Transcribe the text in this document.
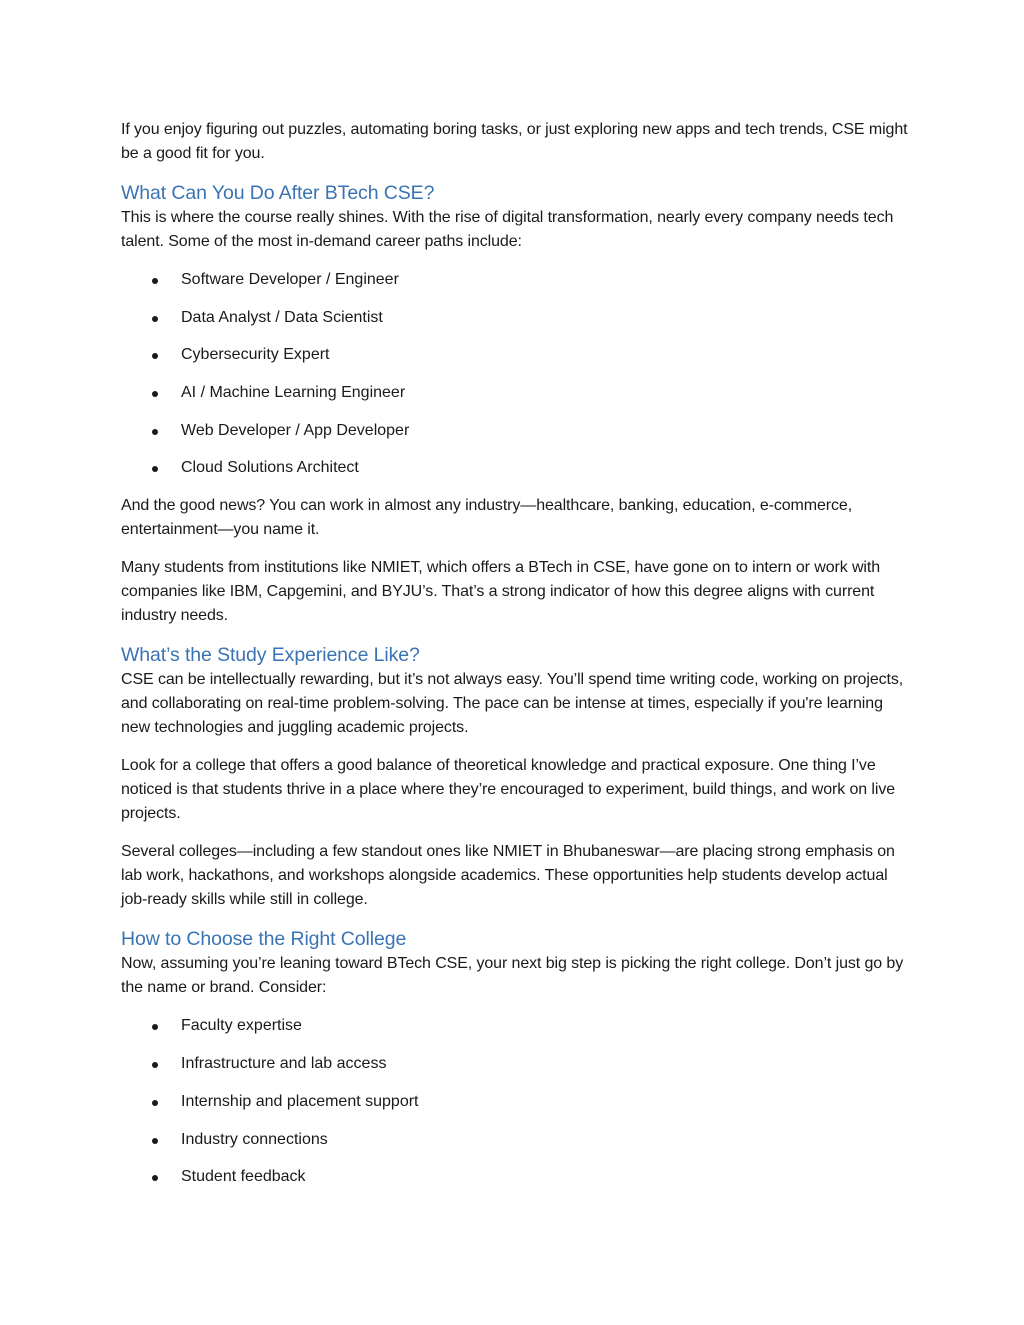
If you enjoy figuring out puzzles, automating boring tasks, or just exploring new apps and tech trends, CSE might be a good fit for you.

What Can You Do After BTech CSE?

This is where the course really shines. With the rise of digital transformation, nearly every company needs tech talent. Some of the most in-demand career paths include:

Software Developer / Engineer
Data Analyst / Data Scientist
Cybersecurity Expert
AI / Machine Learning Engineer
Web Developer / App Developer
Cloud Solutions Architect

And the good news? You can work in almost any industry—healthcare, banking, education, e-commerce, entertainment—you name it.

Many students from institutions like NMIET, which offers a BTech in CSE, have gone on to intern or work with companies like IBM, Capgemini, and BYJU’s. That’s a strong indicator of how this degree aligns with current industry needs.

What’s the Study Experience Like?

CSE can be intellectually rewarding, but it’s not always easy. You’ll spend time writing code, working on projects, and collaborating on real-time problem-solving. The pace can be intense at times, especially if you're learning new technologies and juggling academic projects.

Look for a college that offers a good balance of theoretical knowledge and practical exposure. One thing I’ve noticed is that students thrive in a place where they’re encouraged to experiment, build things, and work on live projects.

Several colleges—including a few standout ones like NMIET in Bhubaneswar—are placing strong emphasis on lab work, hackathons, and workshops alongside academics. These opportunities help students develop actual job-ready skills while still in college.

How to Choose the Right College

Now, assuming you’re leaning toward BTech CSE, your next big step is picking the right college. Don’t just go by the name or brand. Consider:

Faculty expertise
Infrastructure and lab access
Internship and placement support
Industry connections
Student feedback
